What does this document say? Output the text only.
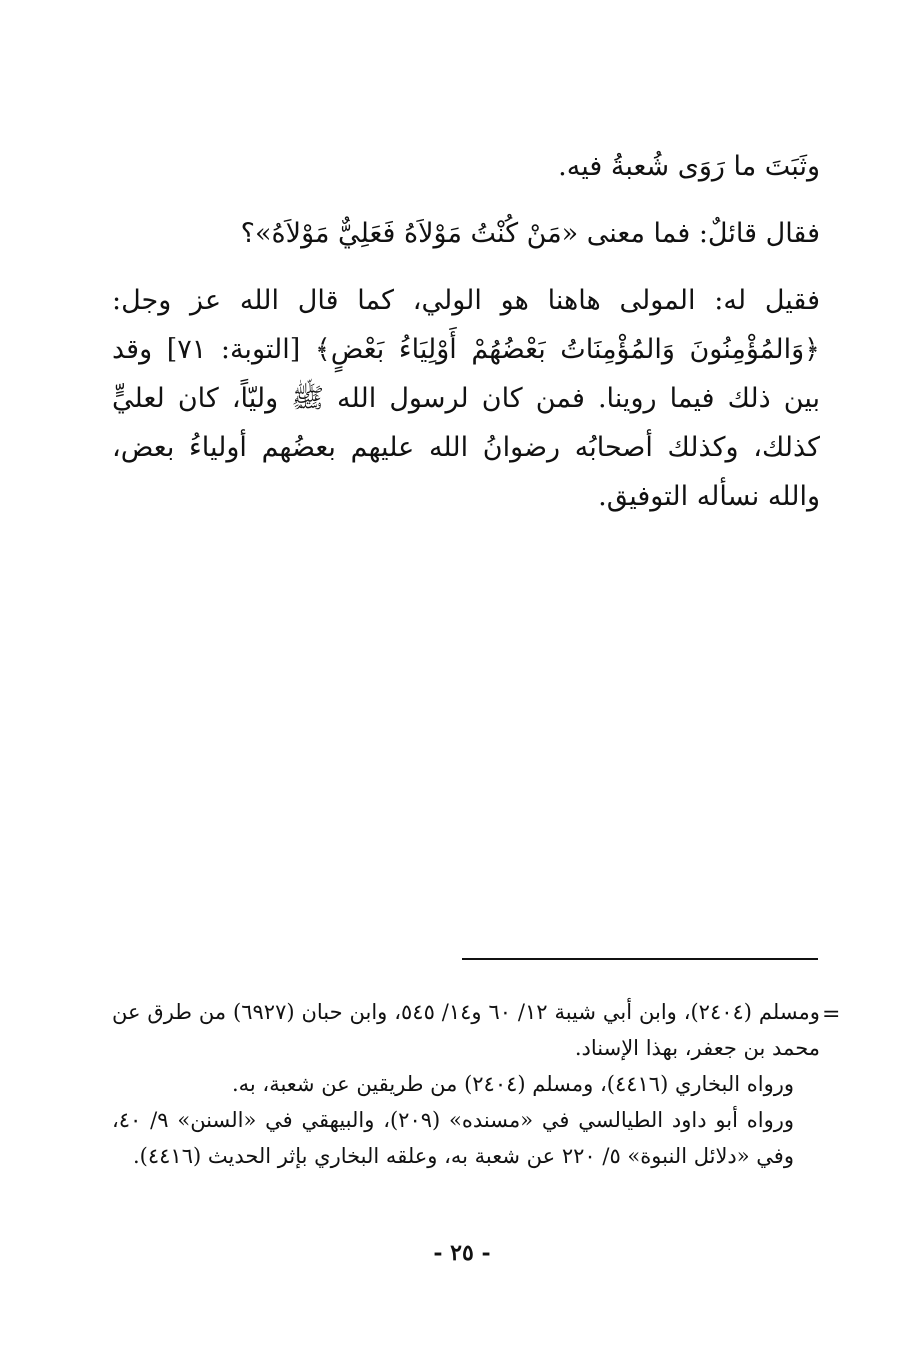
وثَبَتَ ما رَوَى شُعبةُ فيه.

فقال قائلٌ: فما معنى «مَنْ كُنْتُ مَوْلاَهُ فَعَلِيٌّ مَوْلاَهُ»؟

فقيل له: المولى هاهنا هو الولي، كما قال الله عز وجل: ﴿وَالمُؤْمِنُونَ وَالمُؤْمِنَاتُ بَعْضُهُمْ أَوْلِيَاءُ بَعْضٍ﴾ [التوبة: ٧١] وقد بين ذلك فيما روينا. فمن كان لرسول الله ﷺ وليّاً، كان لعليٍّ كذلك، وكذلك أصحابُه رضوانُ الله عليهم بعضُهم أولياءُ بعض، والله نسأله التوفيق.

=

ومسلم (٢٤٠٤)، وابن أبي شيبة ١٢/ ٦٠ و١٤/ ٥٤٥، وابن حبان (٦٩٢٧) من طرق عن محمد بن جعفر، بهذا الإسناد.

ورواه البخاري (٤٤١٦)، ومسلم (٢٤٠٤) من طريقين عن شعبة، به.

ورواه أبو داود الطيالسي في «مسنده» (٢٠٩)، والبيهقي في «السنن» ٩/ ٤٠، وفي «دلائل النبوة» ٥/ ٢٢٠ عن شعبة به، وعلقه البخاري بإثر الحديث (٤٤١٦).

- ٢٥ -
